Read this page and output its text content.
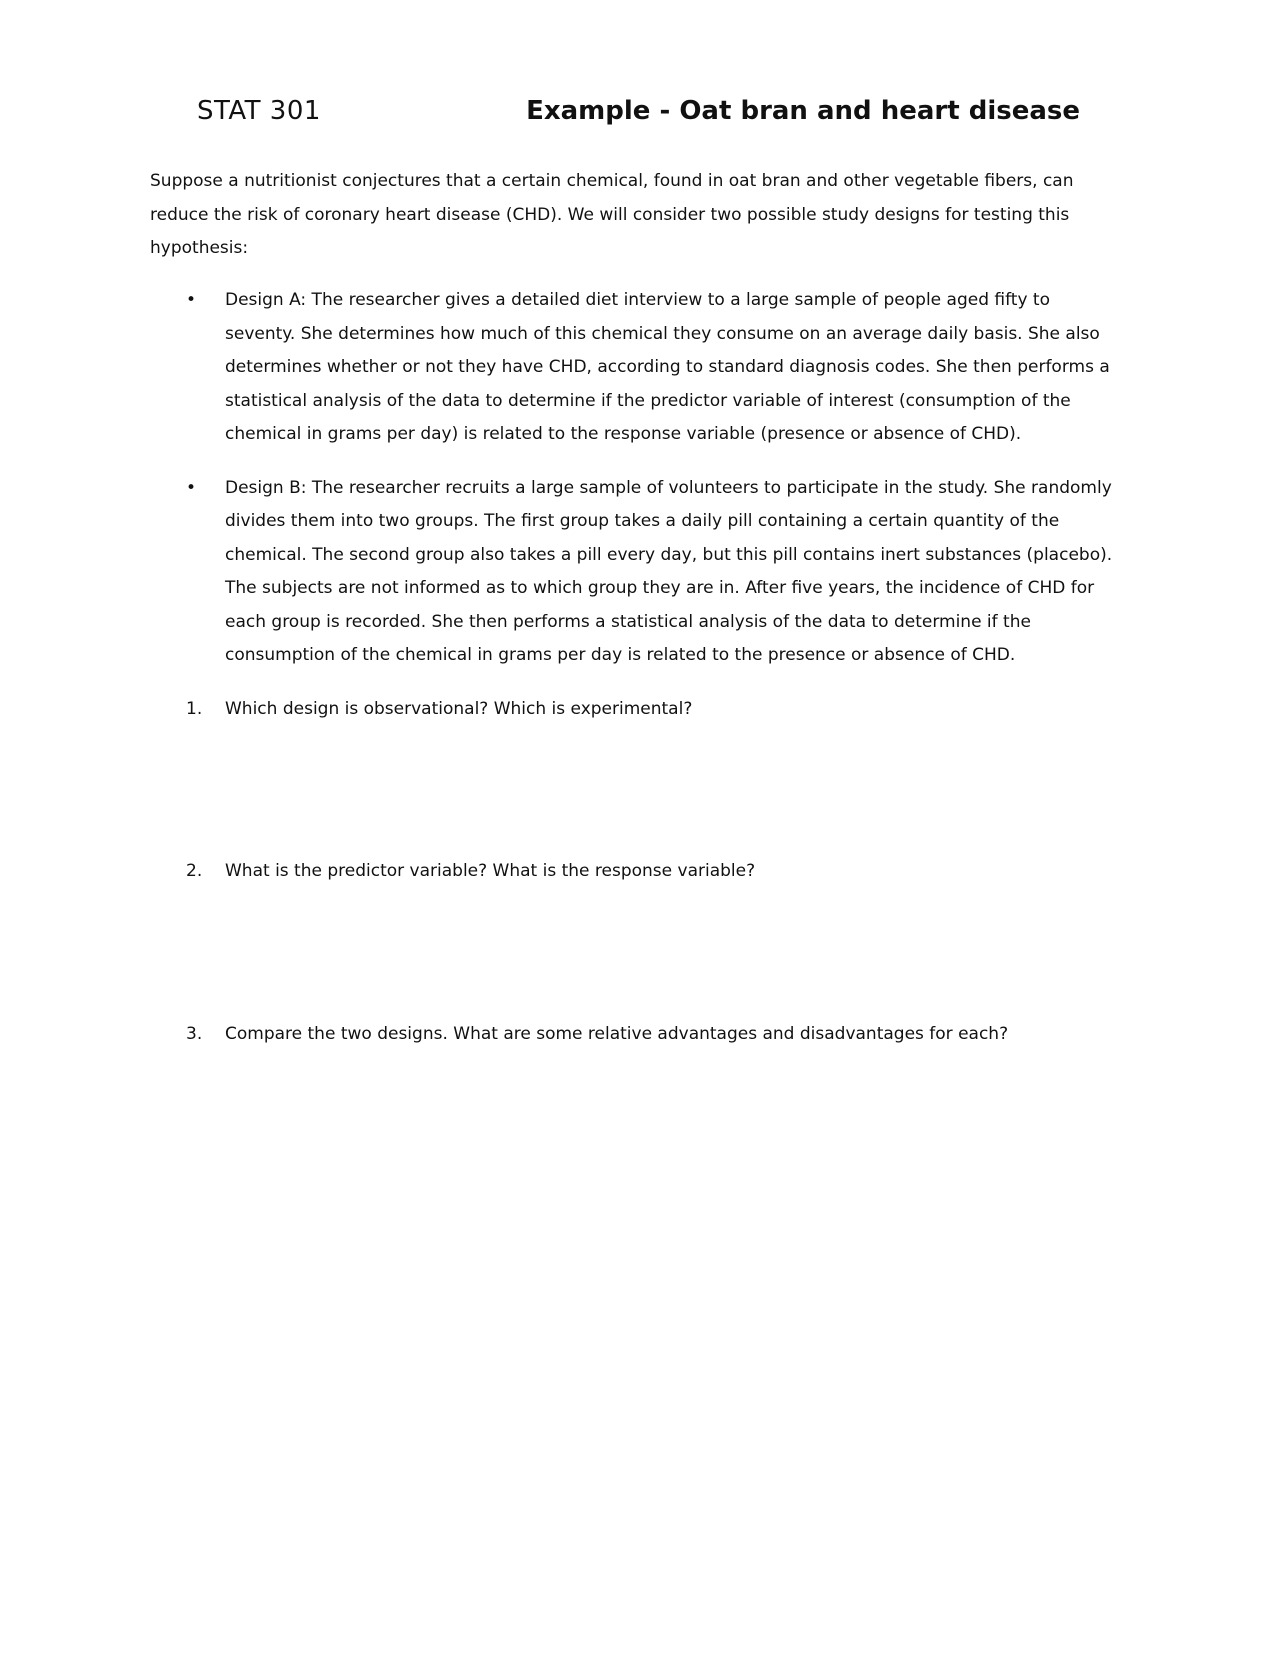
STAT 301	Example - Oat bran and heart disease

Suppose a nutritionist conjectures that a certain chemical, found in oat bran and other vegetable fibers, can reduce the risk of coronary heart disease (CHD). We will consider two possible study designs for testing this hypothesis:

• Design A: The researcher gives a detailed diet interview to a large sample of people aged fifty to seventy. She determines how much of this chemical they consume on an average daily basis. She also determines whether or not they have CHD, according to standard diagnosis codes. She then performs a statistical analysis of the data to determine if the predictor variable of interest (consumption of the chemical in grams per day) is related to the response variable (presence or absence of CHD).
• Design B: The researcher recruits a large sample of volunteers to participate in the study. She randomly divides them into two groups. The first group takes a daily pill containing a certain quantity of the chemical. The second group also takes a pill every day, but this pill contains inert substances (placebo). The subjects are not informed as to which group they are in. After five years, the incidence of CHD for each group is recorded. She then performs a statistical analysis of the data to determine if the consumption of the chemical in grams per day is related to the presence or absence of CHD.
1. Which design is observational? Which is experimental?
2. What is the predictor variable? What is the response variable?
3. Compare the two designs. What are some relative advantages and disadvantages for each?
